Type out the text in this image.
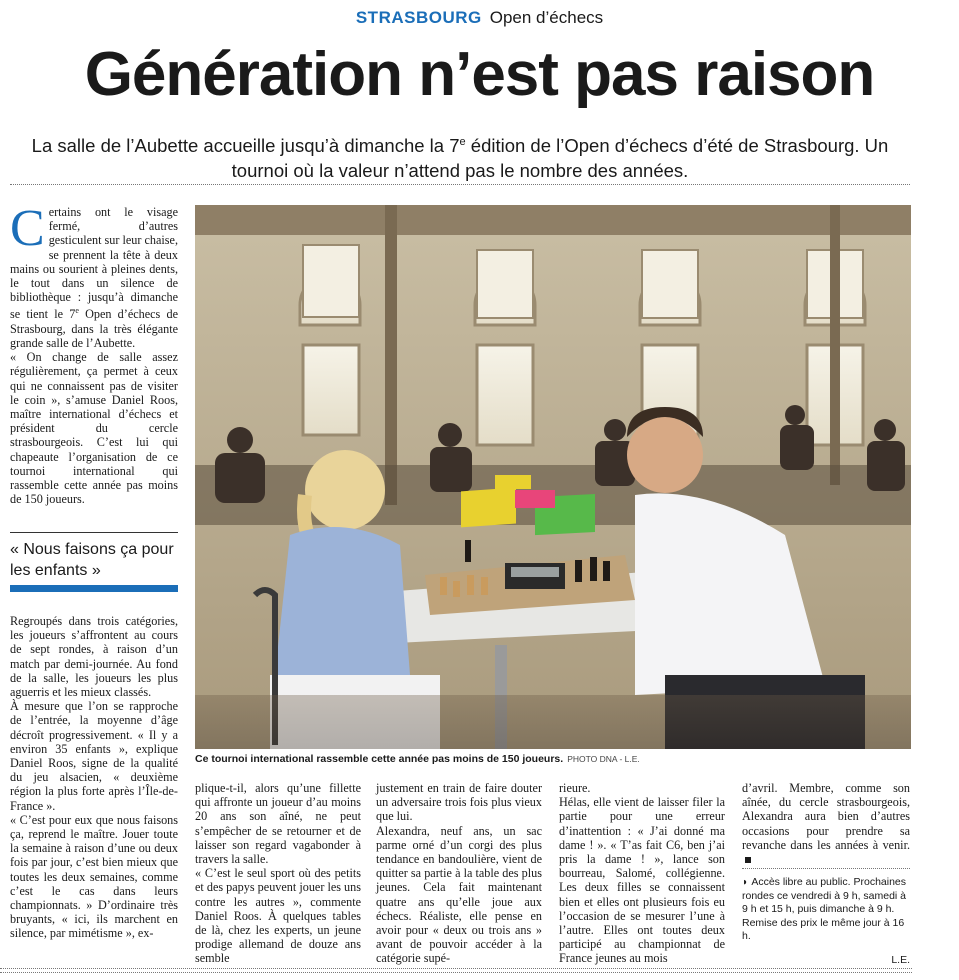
STRASBOURG Open d’échecs
Génération n’est pas raison
La salle de l’Aubette accueille jusqu’à dimanche la 7e édition de l’Open d’échecs d’été de Strasbourg. Un tournoi où la valeur n’attend pas le nombre des années.

Certains ont le visage fermé, d’autres gesticulent sur leur chaise, se prennent la tête à deux mains ou sourient à pleines dents, le tout dans un silence de bibliothèque : jusqu’à dimanche se tient le 7e Open d’échecs de Strasbourg, dans la très élégante grande salle de l’Aubette.

« On change de salle assez régulièrement, ça permet à ceux qui ne connaissent pas de visiter le coin », s’amuse Daniel Roos, maître international d’échecs et président du cercle strasbourgeois. C’est lui qui chapeaute l’organisation de ce tournoi international qui rassemble cette année pas moins de 150 joueurs.

« Nous faisons ça pour les enfants »

Regroupés dans trois catégories, les joueurs s’affrontent au cours de sept rondes, à raison d’un match par demi-journée. Au fond de la salle, les joueurs les plus aguerris et les mieux classés.

À mesure que l’on se rapproche de l’entrée, la moyenne d’âge décroît progressivement. « Il y a environ 35 enfants », explique Daniel Roos, signe de la qualité du jeu alsacien, « deuxième région la plus forte après l’Île-de-France ».

« C’est pour eux que nous faisons ça, reprend le maître. Jouer toute la semaine à raison d’une ou deux fois par jour, c’est bien mieux que toutes les deux semaines, comme c’est le cas dans leurs championnats. » D’ordinaire très bruyants, « ici, ils marchent en silence, par mimétisme », ex-

Ce tournoi international rassemble cette année pas moins de 150 joueurs. PHOTO DNA - L.E.

plique-t-il, alors qu’une fillette qui affronte un joueur d’au moins 20 ans son aîné, ne peut s’empêcher de se retourner et de laisser son regard vagabonder à travers la salle.

« C’est le seul sport où des petits et des papys peuvent jouer les uns contre les autres », commente Daniel Roos. À quelques tables de là, chez les experts, un jeune prodige allemand de douze ans semble

justement en train de faire douter un adversaire trois fois plus vieux que lui.

Alexandra, neuf ans, un sac parme orné d’un corgi des plus tendance en bandoulière, vient de quitter sa partie à la table des plus jeunes. Cela fait maintenant quatre ans qu’elle joue aux échecs. Réaliste, elle pense en avoir pour « deux ou trois ans » avant de pouvoir accéder à la catégorie supé-

rieure.

Hélas, elle vient de laisser filer la partie pour une erreur d’inattention : « J’ai donné ma dame ! ». « T’as fait C6, ben j’ai pris la dame ! », lance son bourreau, Salomé, collégienne. Les deux filles se connaissent bien et elles ont plusieurs fois eu l’occasion de se mesurer l’une à l’autre. Elles ont toutes deux participé au championnat de France jeunes au mois

d’avril. Membre, comme son aînée, du cercle strasbourgeois, Alexandra aura bien d’autres occasions pour prendre sa revanche dans les années à venir.

◗ Accès libre au public. Prochaines rondes ce vendredi à 9 h, samedi à 9 h et 15 h, puis dimanche à 9 h. Remise des prix le même jour à 16 h.

L.E.
